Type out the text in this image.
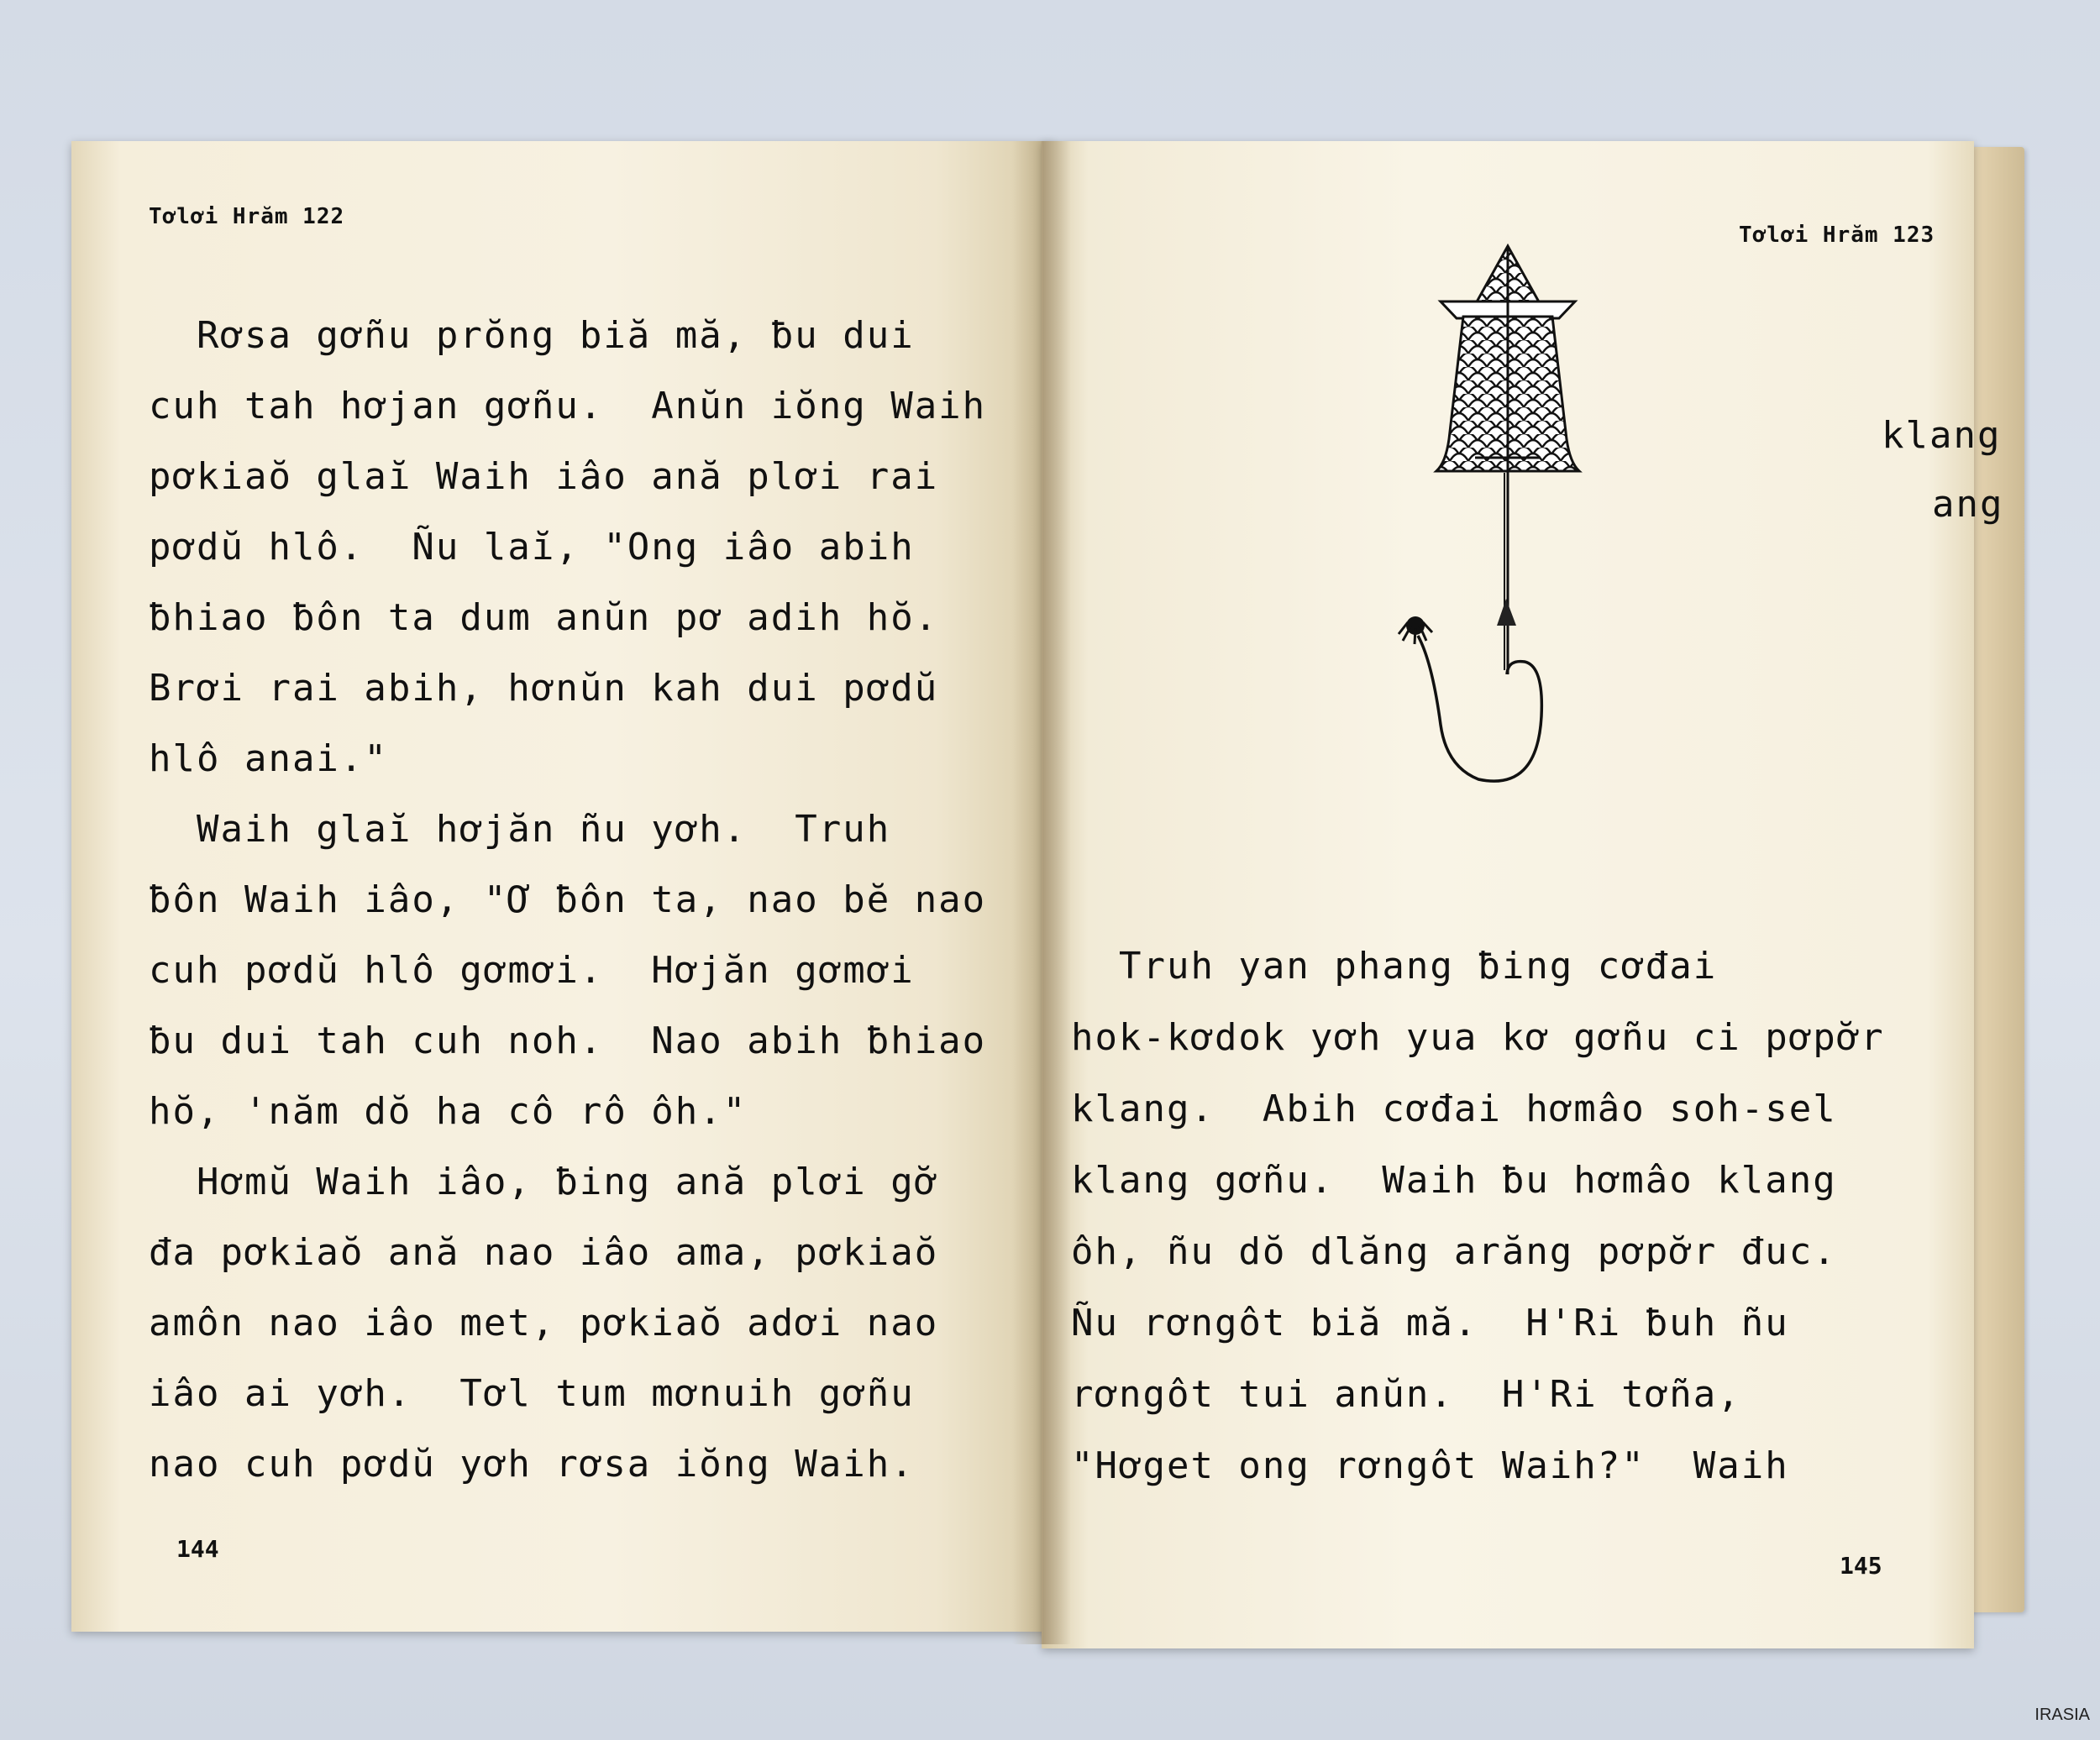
Tơlơi Hrăm 122
Rơsa gơñu prŏng biă mă, ƀu dui
cuh tah hơjan gơñu.  Anŭn iŏng Waih
pơkiaŏ glaĭ Waih iâo ană plơi rai
pơdŭ hlô.  Ñu laĭ, "Ong iâo abih
ƀhiao ƀôn ta dum anŭn pơ adih hŏ.
Brơi rai abih, hơnŭn kah dui pơdŭ
hlô anai."
Waih glaĭ hơjăn ñu yơh.  Truh
ƀôn Waih iâo, "Ơ ƀôn ta, nao bĕ nao
cuh pơdŭ hlô gơmơi.  Hơjăn gơmơi
ƀu dui tah cuh noh.  Nao abih ƀhiao
hŏ, 'năm dŏ ha cô rô ôh."
Hơmŭ Waih iâo, ƀing ană plơi gơ̆
đa pơkiaŏ ană nao iâo ama, pơkiaŏ
amôn nao iâo met, pơkiaŏ adơi nao
iâo ai yơh.  Tơl tum mơnuih gơñu
nao cuh pơdŭ yơh rơsa iŏng Waih.
144
Tơlơi Hrăm 123
klang
ang
Truh yan phang ƀing cơđai
hok-kơdok yơh yua kơ gơñu ci pơpơ̆r
klang.  Abih cơđai hơmâo soh-sel
klang gơñu.  Waih ƀu hơmâo klang
ôh, ñu dŏ dlăng arăng pơpơ̆r đuc.
Ñu rơngôt biă mă.  H'Ri ƀuh ñu
rơngôt tui anŭn.  H'Ri tơña,
"Hơget ong rơngôt Waih?"  Waih
145
IRASIA
